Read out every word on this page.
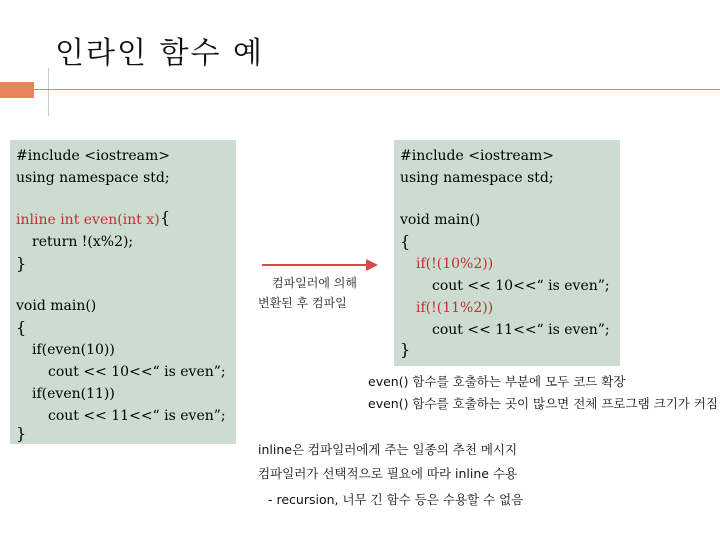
인라인 함수 예
#include <iostream>
using namespace std;
inline int even(int x) {
return !(x%2);
}
void main()
{
if(even(10))
cout << 10<<“ is even”;
if(even(11))
cout << 11<<“ is even”;
}
컴파일러에 의해
변환된 후 컴파일
#include <iostream>
using namespace std;
void main()
{
if(!(10%2))
cout << 10<<“ is even”;
if(!(11%2))
cout << 11<<“ is even”;
}
even() 함수를 호출하는 부분에 모두 코드 확장
even() 함수를 호출하는 곳이 많으면 전체 프로그램 크기가 커짐
inline은 컴파일러에게 주는 일종의 추천 메시지
컴파일러가 선택적으로 필요에 따라 inline 수용
- recursion, 너무 긴 함수 등은 수용할 수 없음
